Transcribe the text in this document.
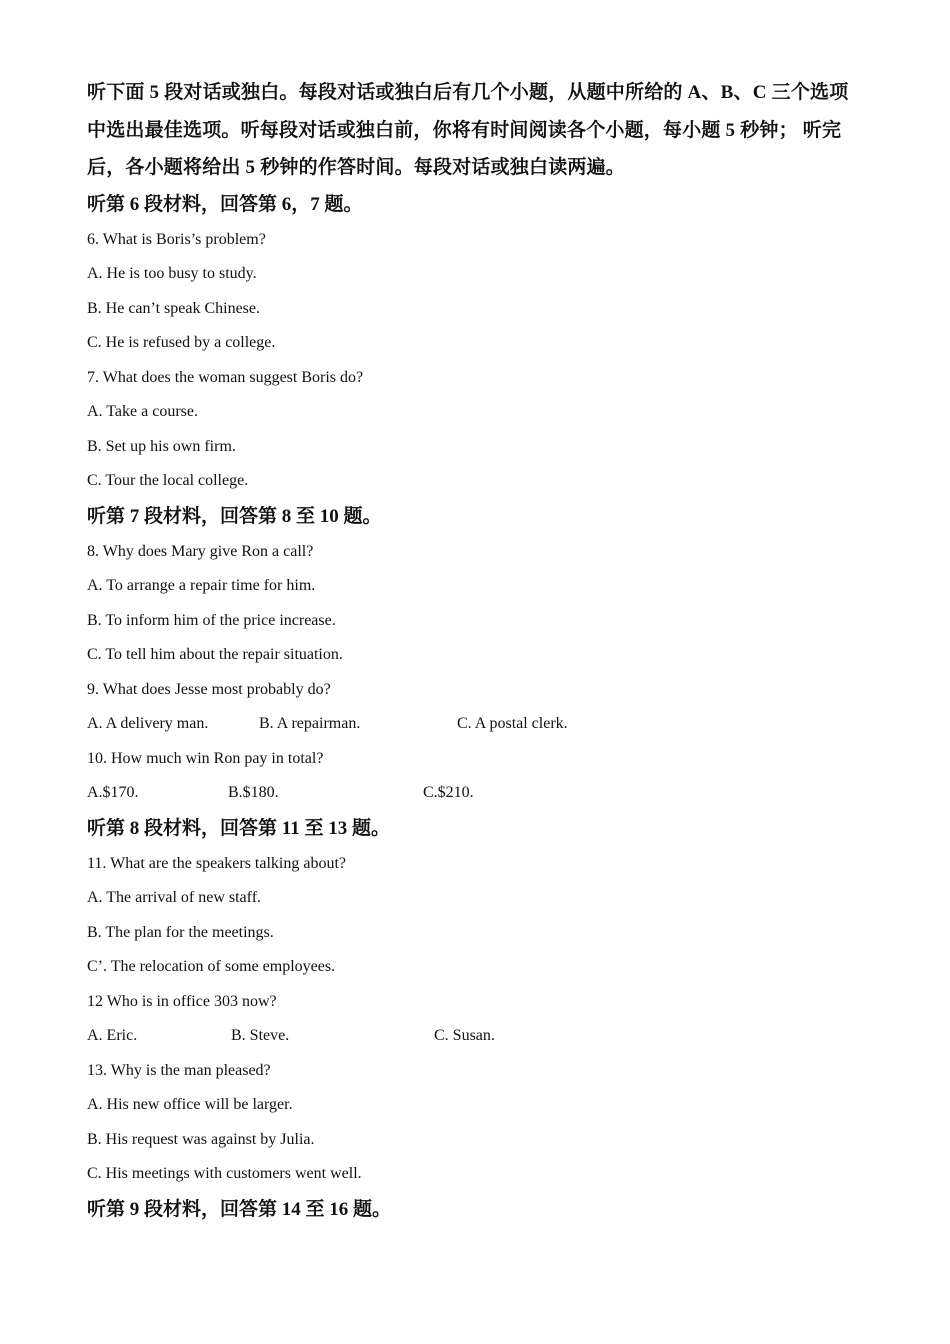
听下面 5 段对话或独白。每段对话或独白后有几个小题，从题中所给的 A、B、C 三个选项中选出最佳选项。听每段对话或独白前，你将有时间阅读各个小题，每小题 5 秒钟； 听完后，各小题将给出 5 秒钟的作答时间。每段对话或独白读两遍。

听第 6 段材料，回答第 6，7 题。

6. What is Boris’s problem?

A. He is too busy to study.

B. He can’t speak Chinese.

C. He is refused by a college.

7. What does the woman suggest Boris do?

A. Take a course.

B. Set up his own firm.

C. Tour the local college.

听第 7 段材料，回答第 8 至 10 题。

8. Why does Mary give Ron a call?

A. To arrange a repair time for him.

B. To inform him of the price increase.

C. To tell him about the repair situation.

9. What does Jesse most probably do?

A. A delivery man.	B. A repairman.	C. A postal clerk.

10. How much win Ron pay in total?

A.$170.	B.$180.	C.$210.

听第 8 段材料，回答第 11 至 13 题。

11. What are the speakers talking about?

A. The arrival of new staff.

B. The plan for the meetings.

C’. The relocation of some employees.

12 Who is in office 303 now?

A. Eric.	B. Steve.	C. Susan.

13. Why is the man pleased?

A. His new office will be larger.

B. His request was against by Julia.

C. His meetings with customers went well.

听第 9 段材料，回答第 14 至 16 题。
